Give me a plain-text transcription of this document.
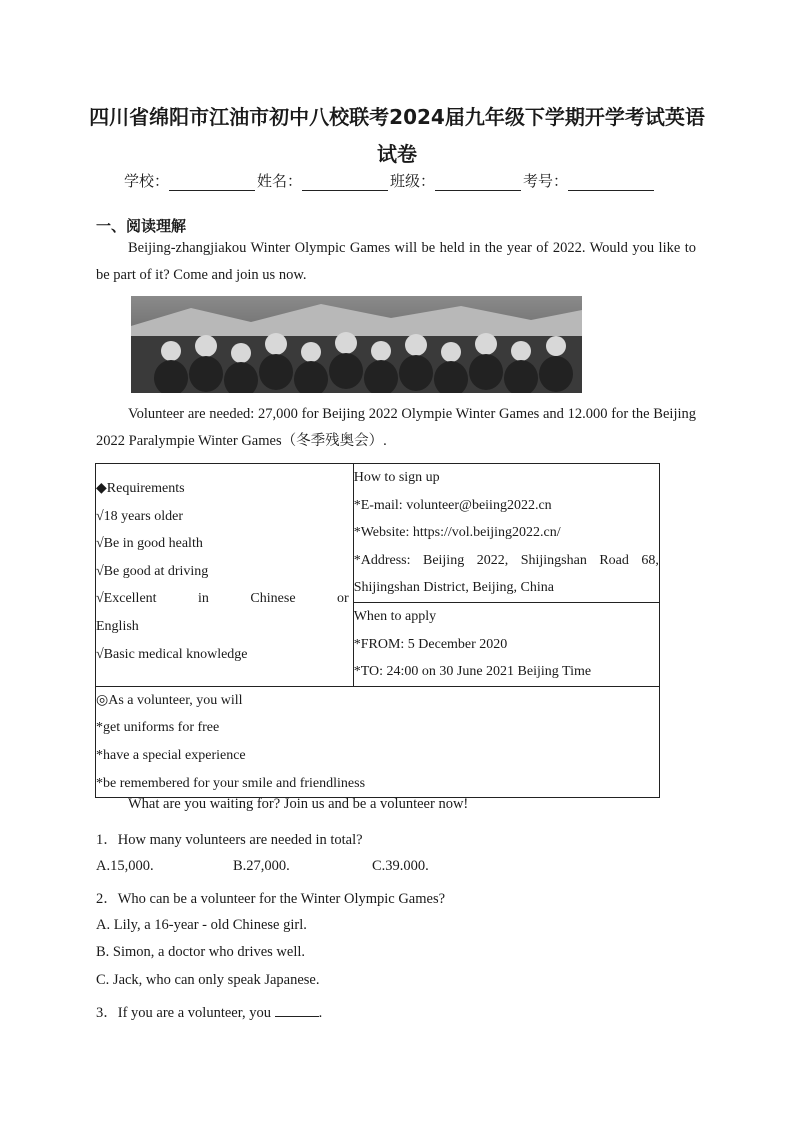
四川省绵阳市江油市初中八校联考2024届九年级下学期开学考试英语
试卷
学校：	姓名：	班级：	考号：
一、阅读理解
Beijing-zhangjiakou Winter Olympic Games will be held in the year of 2022. Would you like to be part of it? Come and join us now.
Volunteer are needed: 27,000 for Beijing 2022 Olympie Winter Games and 12.000 for the Beijing 2022 Paralympie Winter Games（冬季残奥会）.
◆Requirements
√18 years older
√Be in good health
√Be good at driving
√Excellent in Chinese or
English
√Basic medical knowledge

How to sign up
*E-mail: volunteer@beiing2022.cn
*Website: https://vol.beijing2022.cn/
*Address: Beijing 2022, Shijingshan Road 68,
Shijingshan District, Beijing, China

When to apply
*FROM: 5 December 2020
*TO: 24:00 on 30 June 2021 Beijing Time

◎As a volunteer, you will
*get uniforms for free
*have a special experience
*be remembered for your smile and friendliness
What are you waiting for? Join us and be a volunteer now!
1．How many volunteers are needed in total?
A.15,000.	B.27,000.	C.39.000.
2．Who can be a volunteer for the Winter Olympic Games?
A. Lily, a 16-year - old Chinese girl.
B. Simon, a doctor who drives well.
C. Jack, who can only speak Japanese.
3．If you are a volunteer, you	.
